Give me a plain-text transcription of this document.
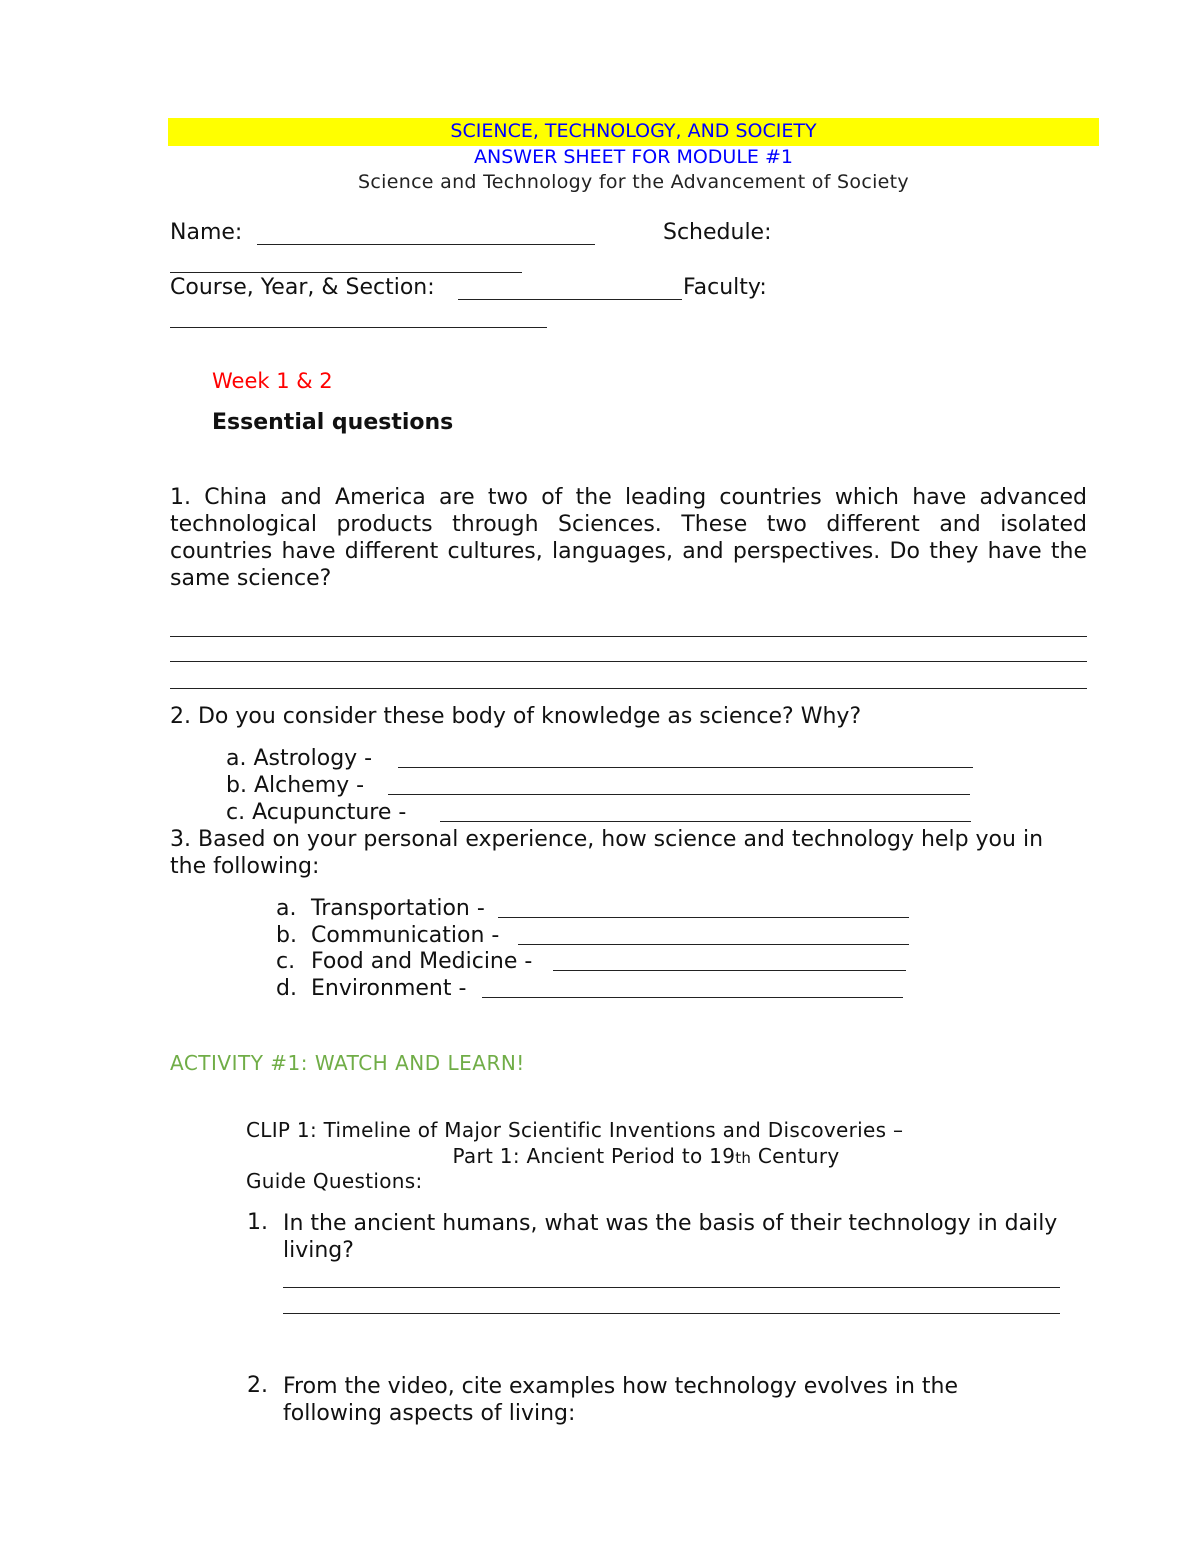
SCIENCE, TECHNOLOGY, AND SOCIETY
ANSWER SHEET FOR MODULE #1
Science and Technology for the Advancement of Society
Name:	Schedule:
Course, Year, & Section:	Faculty:
Week 1 & 2
Essential questions
1. China and America are two of the leading countries which have advanced technological products through Sciences. These two different and isolated countries have different cultures, languages, and perspectives. Do they have the same science?
2. Do you consider these body of knowledge as science? Why?
a. Astrology -
b. Alchemy -
c. Acupuncture -
3. Based on your personal experience, how science and technology help you in the following:
a. Transportation -
b. Communication -
c. Food and Medicine -
d. Environment -
ACTIVITY #1: WATCH AND LEARN!
CLIP 1: Timeline of Major Scientific Inventions and Discoveries –
Part 1: Ancient Period to 19th Century
Guide Questions:
1. In the ancient humans, what was the basis of their technology in daily living?
2. From the video, cite examples how technology evolves in the following aspects of living:
